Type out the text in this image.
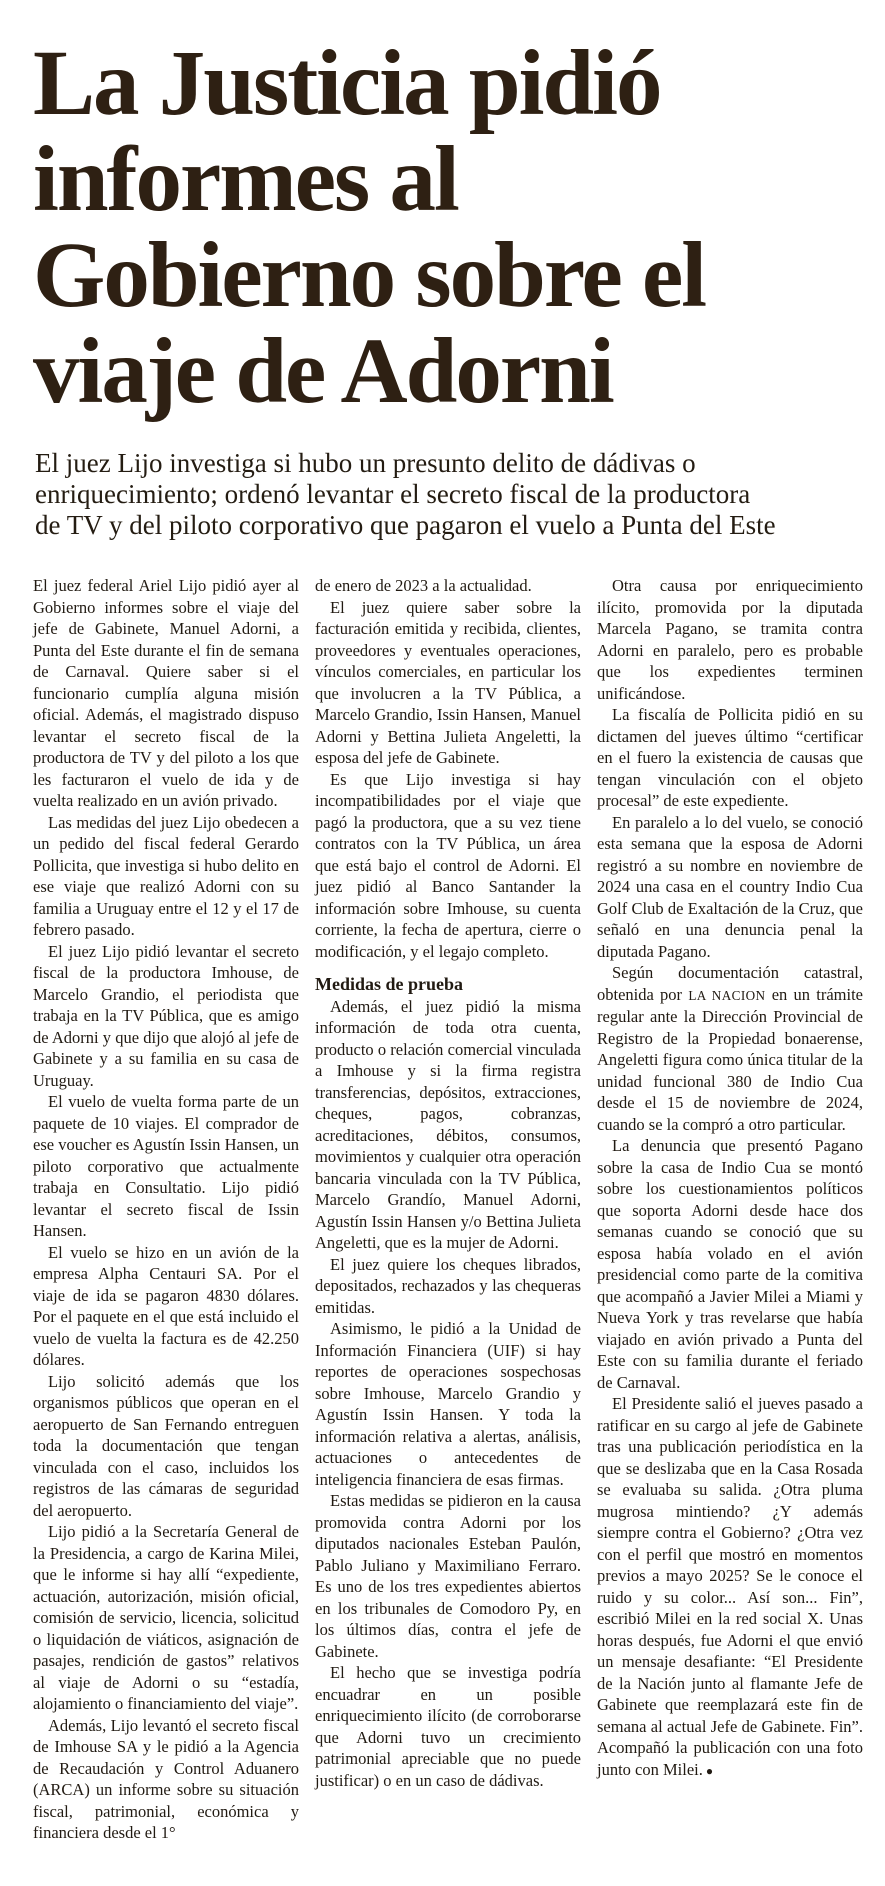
La Justicia pidió
informes al
Gobierno sobre el
viaje de Adorni
El juez Lijo investiga si hubo un presunto delito de dádivas o
enriquecimiento; ordenó levantar el secreto fiscal de la productora
de TV y del piloto corporativo que pagaron el vuelo a Punta del Este

El juez federal Ariel Lijo pidió ayer al Gobierno informes sobre el viaje del jefe de Gabinete, Manuel Adorni, a Punta del Este durante el fin de semana de Carnaval. Quiere saber si el funcionario cumplía alguna misión oficial. Además, el magistrado dispuso levantar el secreto fiscal de la productora de TV y del piloto a los que les facturaron el vuelo de ida y de vuelta realizado en un avión privado.

Las medidas del juez Lijo obedecen a un pedido del fiscal federal Gerardo Pollicita, que investiga si hubo delito en ese viaje que realizó Adorni con su familia a Uruguay entre el 12 y el 17 de febrero pasado.

El juez Lijo pidió levantar el secreto fiscal de la productora Imhouse, de Marcelo Grandio, el periodista que trabaja en la TV Pública, que es amigo de Adorni y que dijo que alojó al jefe de Gabinete y a su familia en su casa de Uruguay.

El vuelo de vuelta forma parte de un paquete de 10 viajes. El comprador de ese voucher es Agustín Issin Hansen, un piloto corporativo que actualmente trabaja en Consultatio. Lijo pidió levantar el secreto fiscal de Issin Hansen.

El vuelo se hizo en un avión de la empresa Alpha Centauri SA. Por el viaje de ida se pagaron 4830 dólares. Por el paquete en el que está incluido el vuelo de vuelta la factura es de 42.250 dólares.

Lijo solicitó además que los organismos públicos que operan en el aeropuerto de San Fernando entreguen toda la documentación que tengan vinculada con el caso, incluidos los registros de las cámaras de seguridad del aeropuerto.

Lijo pidió a la Secretaría General de la Presidencia, a cargo de Karina Milei, que le informe si hay allí “expediente, actuación, autorización, misión oficial, comisión de servicio, licencia, solicitud o liquidación de viáticos, asignación de pasajes, rendición de gastos” relativos al viaje de Adorni o su “estadía, alojamiento o financiamiento del viaje”.

Además, Lijo levantó el secreto fiscal de Imhouse SA y le pidió a la Agencia de Recaudación y Control Aduanero (ARCA) un informe sobre su situación fiscal, patrimonial, económica y financiera desde el 1°

de enero de 2023 a la actualidad.

El juez quiere saber sobre la facturación emitida y recibida, clientes, proveedores y eventuales operaciones, vínculos comerciales, en particular los que involucren a la TV Pública, a Marcelo Grandio, Issin Hansen, Manuel Adorni y Bettina Julieta Angeletti, la esposa del jefe de Gabinete.

Es que Lijo investiga si hay incompatibilidades por el viaje que pagó la productora, que a su vez tiene contratos con la TV Pública, un área que está bajo el control de Adorni. El juez pidió al Banco Santander la información sobre Imhouse, su cuenta corriente, la fecha de apertura, cierre o modificación, y el legajo completo.

Medidas de prueba

Además, el juez pidió la misma información de toda otra cuenta, producto o relación comercial vinculada a Imhouse y si la firma registra transferencias, depósitos, extracciones, cheques, pagos, cobranzas, acreditaciones, débitos, consumos, movimientos y cualquier otra operación bancaria vinculada con la TV Pública, Marcelo Grandío, Manuel Adorni, Agustín Issin Hansen y/o Bettina Julieta Angeletti, que es la mujer de Adorni.

El juez quiere los cheques librados, depositados, rechazados y las chequeras emitidas.

Asimismo, le pidió a la Unidad de Información Financiera (UIF) si hay reportes de operaciones sospechosas sobre Imhouse, Marcelo Grandio y Agustín Issin Hansen. Y toda la información relativa a alertas, análisis, actuaciones o antecedentes de inteligencia financiera de esas firmas.

Estas medidas se pidieron en la causa promovida contra Adorni por los diputados nacionales Esteban Paulón, Pablo Juliano y Maximiliano Ferraro. Es uno de los tres expedientes abiertos en los tribunales de Comodoro Py, en los últimos días, contra el jefe de Gabinete.

El hecho que se investiga podría encuadrar en un posible enriquecimiento ilícito (de corroborarse que Adorni tuvo un crecimiento patrimonial apreciable que no puede justificar) o en un caso de dádivas.

Otra causa por enriquecimiento ilícito, promovida por la diputada Marcela Pagano, se tramita contra Adorni en paralelo, pero es probable que los expedientes terminen unificándose.

La fiscalía de Pollicita pidió en su dictamen del jueves último “certificar en el fuero la existencia de causas que tengan vinculación con el objeto procesal” de este expediente.

En paralelo a lo del vuelo, se conoció esta semana que la esposa de Adorni registró a su nombre en noviembre de 2024 una casa en el country Indio Cua Golf Club de Exaltación de la Cruz, que señaló en una denuncia penal la diputada Pagano.

Según documentación catastral, obtenida por LA NACION en un trámite regular ante la Dirección Provincial de Registro de la Propiedad bonaerense, Angeletti figura como única titular de la unidad funcional 380 de Indio Cua desde el 15 de noviembre de 2024, cuando se la compró a otro particular.

La denuncia que presentó Pagano sobre la casa de Indio Cua se montó sobre los cuestionamientos políticos que soporta Adorni desde hace dos semanas cuando se conoció que su esposa había volado en el avión presidencial como parte de la comitiva que acompañó a Javier Milei a Miami y Nueva York y tras revelarse que había viajado en avión privado a Punta del Este con su familia durante el feriado de Carnaval.

El Presidente salió el jueves pasado a ratificar en su cargo al jefe de Gabinete tras una publicación periodística en la que se deslizaba que en la Casa Rosada se evaluaba su salida. ¿Otra pluma mugrosa mintiendo? ¿Y además siempre contra el Gobierno? ¿Otra vez con el perfil que mostró en momentos previos a mayo 2025? Se le conoce el ruido y su color... Así son... Fin”, escribió Milei en la red social X. Unas horas después, fue Adorni el que envió un mensaje desafiante: “El Presidente de la Nación junto al flamante Jefe de Gabinete que reemplazará este fin de semana al actual Jefe de Gabinete. Fin”. Acompañó la publicación con una foto junto con Milei. ●
